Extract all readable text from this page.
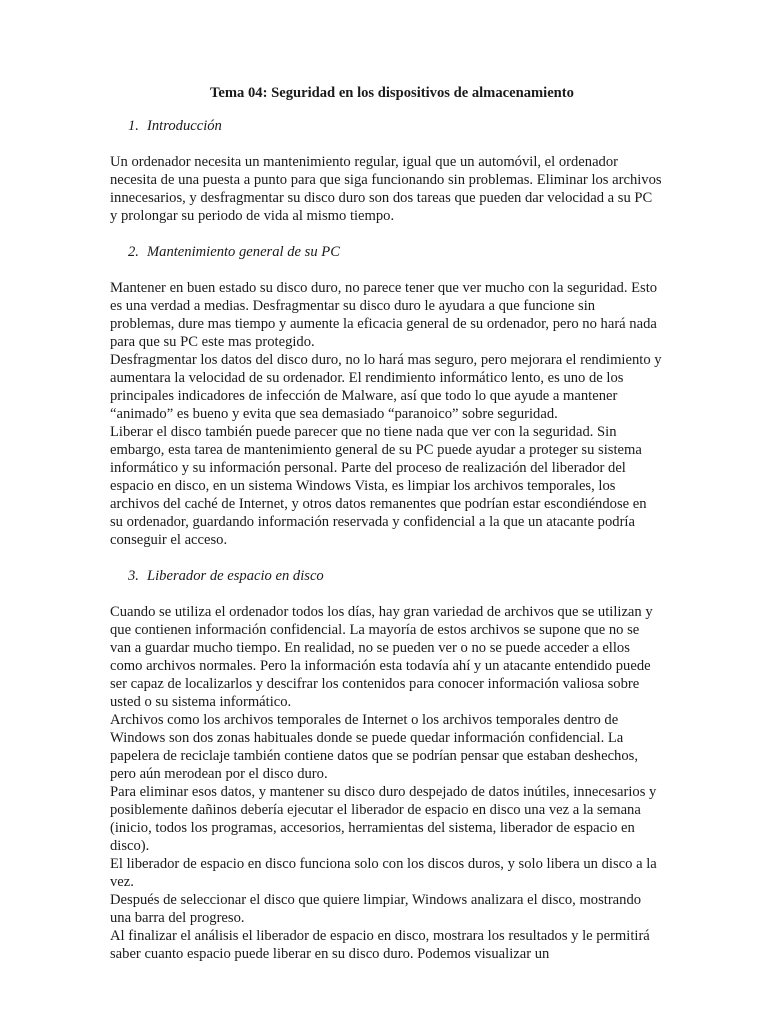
Tema 04: Seguridad en los dispositivos de almacenamiento
1. Introducción

Un ordenador necesita un mantenimiento regular, igual que un automóvil, el ordenador necesita de una puesta a punto para que siga funcionando sin problemas. Eliminar los archivos innecesarios, y desfragmentar su disco duro son dos tareas que pueden dar velocidad a su PC y prolongar su periodo de vida al mismo tiempo.

2. Mantenimiento general de su PC

Mantener en buen estado su disco duro, no parece tener que ver mucho con la seguridad. Esto es una verdad a medias. Desfragmentar su disco duro le ayudara a que funcione sin problemas, dure mas tiempo y aumente la eficacia general de su ordenador, pero no hará nada para que su PC este mas protegido.

Desfragmentar los datos del disco duro, no lo hará mas seguro, pero mejorara el rendimiento y aumentara la velocidad de su ordenador. El rendimiento informático lento, es uno de los principales indicadores de infección de Malware, así que todo lo que ayude a mantener “animado” es bueno y evita que sea demasiado “paranoico” sobre seguridad.

Liberar el disco también puede parecer que no tiene nada que ver con la seguridad. Sin embargo, esta tarea de mantenimiento general de su PC puede ayudar a proteger su sistema informático y su información personal. Parte del proceso de realización del liberador del espacio en disco, en un sistema Windows Vista, es limpiar los archivos temporales, los archivos del caché de Internet, y otros datos remanentes que podrían estar escondiéndose en su ordenador, guardando información reservada y confidencial a la que un atacante podría conseguir el acceso.

3. Liberador de espacio en disco

Cuando se utiliza el ordenador todos los días, hay gran variedad de archivos que se utilizan y que contienen información confidencial. La mayoría de estos archivos se supone que no se van a guardar mucho tiempo. En realidad, no se pueden ver o no se puede acceder a ellos como archivos normales. Pero la información esta todavía ahí y un atacante entendido puede ser capaz de localizarlos y descifrar los contenidos para conocer información valiosa sobre usted o su sistema informático.

Archivos como los archivos temporales de Internet o los archivos temporales dentro de Windows son dos zonas habituales donde se puede quedar información confidencial. La papelera de reciclaje también contiene datos que se podrían pensar que estaban deshechos, pero aún merodean por el disco duro.

Para eliminar esos datos, y mantener su disco duro despejado de datos inútiles, innecesarios y posiblemente dañinos debería ejecutar el liberador de espacio en disco una vez a la semana (inicio, todos los programas, accesorios, herramientas del sistema, liberador de espacio en disco).

El liberador de espacio en disco funciona solo con los discos duros, y solo libera un disco a la vez.

Después de seleccionar el disco que quiere limpiar, Windows analizara el disco, mostrando una barra del progreso.

Al finalizar el análisis el liberador de espacio en disco, mostrara los resultados y le permitirá saber cuanto espacio puede liberar en su disco duro. Podemos visualizar un
